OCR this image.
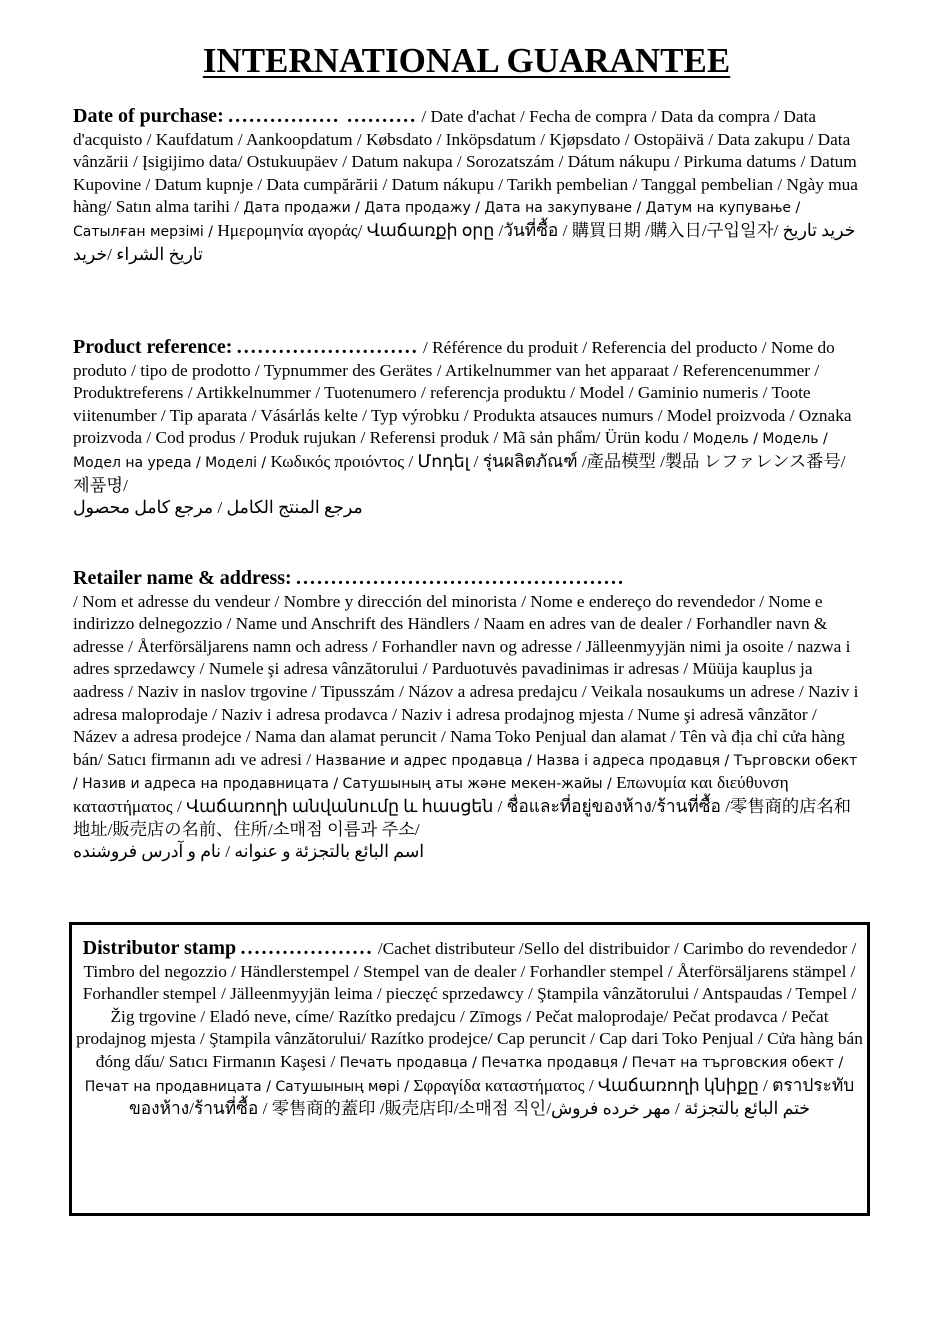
INTERNATIONAL GUARANTEE
Date of purchase: ................ .......... / Date d'achat / Fecha de compra / Data da compra / Data d'acquisto / Kaufdatum / Aankoopdatum / Købsdato / Inköpsdatum / Kjøpsdato / Ostopäivä / Data zakupu / Data vânzării / Įsigijimo data/ Ostukuupäev / Datum nakupa / Sorozatszám / Dátum nákupu / Pirkuma datums / Datum Kupovine / Datum kupnje / Data cumpărării / Datum nákupu / Tarikh pembelian / Tanggal pembelian / Ngày mua hàng/ Satın alma tarihi / Дата продажи / Дата продажу / Дата на закупуване / Датум на купување / Сатылған мерзімі / Ημερομηνία αγοράς/ Վաճառքի օրը /วันที่ซื้อ / 購買日期 /購入日/구입일자/ خريد تاريخ
تاريخ الشراء /خريد
Product reference: .......................... / Référence du produit / Referencia del producto / Nome do produto / tipo de prodotto / Typnummer des Gerätes / Artikelnummer van het apparaat / Referencenummer / Produktreferens / Artikkelnummer / Tuotenumero / referencja produktu / Model / Gaminio numeris / Toote viitenumber / Tip aparata / Vásárlás kelte / Typ výrobku / Produkta atsauces numurs / Model proizvoda / Oznaka proizvoda / Cod produs / Produk rujukan / Referensi produk / Mã sản phẩm/ Ürün kodu / Модель / Модель / Модел на уреда / Моделі / Κωδικός προιόντος / Մոդել / รุ่นผลิตภัณฑ์ /產品模型 /製品 レファレンス番号/제품명/
مرجع المنتج الكامل / مرجع كامل محصول
Retailer name & address: ...............................................
/ Nom et adresse du vendeur / Nombre y dirección del minorista / Nome e endereço do revendedor / Nome e indirizzo delnegozzio / Name und Anschrift des Händlers / Naam en adres van de dealer / Forhandler navn & adresse / Återförsäljarens namn och adress / Forhandler navn og adresse / Jälleenmyyjän nimi ja osoite / nazwa i adres sprzedawcy / Numele şi adresa vânzătorului / Parduotuvės pavadinimas ir adresas / Müüja kauplus ja aadress / Naziv in naslov trgovine / Tipusszám / Názov a adresa predajcu / Veikala nosaukums un adrese / Naziv i adresa maloprodaje / Naziv i adresa prodavca / Naziv i adresa prodajnog mjesta / Nume şi adresă vânzător / Název a adresa prodejce / Nama dan alamat peruncit / Nama Toko Penjual dan alamat / Tên và địa chỉ cửa hàng bán/ Satıcı firmanın adı ve adresi / Название и адрес продавца / Назва і адреса продавця / Търговски обект / Назив и адреса на продавницата / Сатушының аты және мекен-жайы / Επωνυμία και διεύθυνση καταστήματος / Վաճառողի անվանումը և հասցեն / ชื่อและที่อยู่ของห้าง/ร้านที่ซื้อ /零售商的店名和地址/販売店の名前、住所/소매점 이름과 주소/
اسم البائع بالتجزئة و عنوانه / نام و آدرس فروشنده
Distributor stamp ................... /Cachet distributeur /Sello del distribuidor / Carimbo do revendedor / Timbro del negozzio / Händlerstempel / Stempel van de dealer / Forhandler stempel / Återförsäljarens stämpel / Forhandler stempel / Jälleenmyyjän leima / pieczęć sprzedawcy / Ştampila vânzătorului / Antspaudas / Tempel / Žig trgovine / Eladó neve, címe/ Razítko predajcu / Zīmogs / Pečat maloprodaje/ Pečat prodavca / Pečat prodajnog mjesta / Ştampila vânzătorului/ Razítko prodejce/ Cap peruncit / Cap dari Toko Penjual / Cửa hàng bán đóng dấu/ Satıcı Firmanın Kaşesi / Печать продавца / Печатка продавця / Печат на търговския обект / Печат на продавницата / Сатушының мөрі / Σφραγίδα καταστήματος / Վաճառողի կնիքը / ตราประทับของห้าง/ร้านที่ซื้อ / 零售商的蓋印 /販売店印/소매점 직인/ختم البائع بالتجزئة / مهر خرده فروش
